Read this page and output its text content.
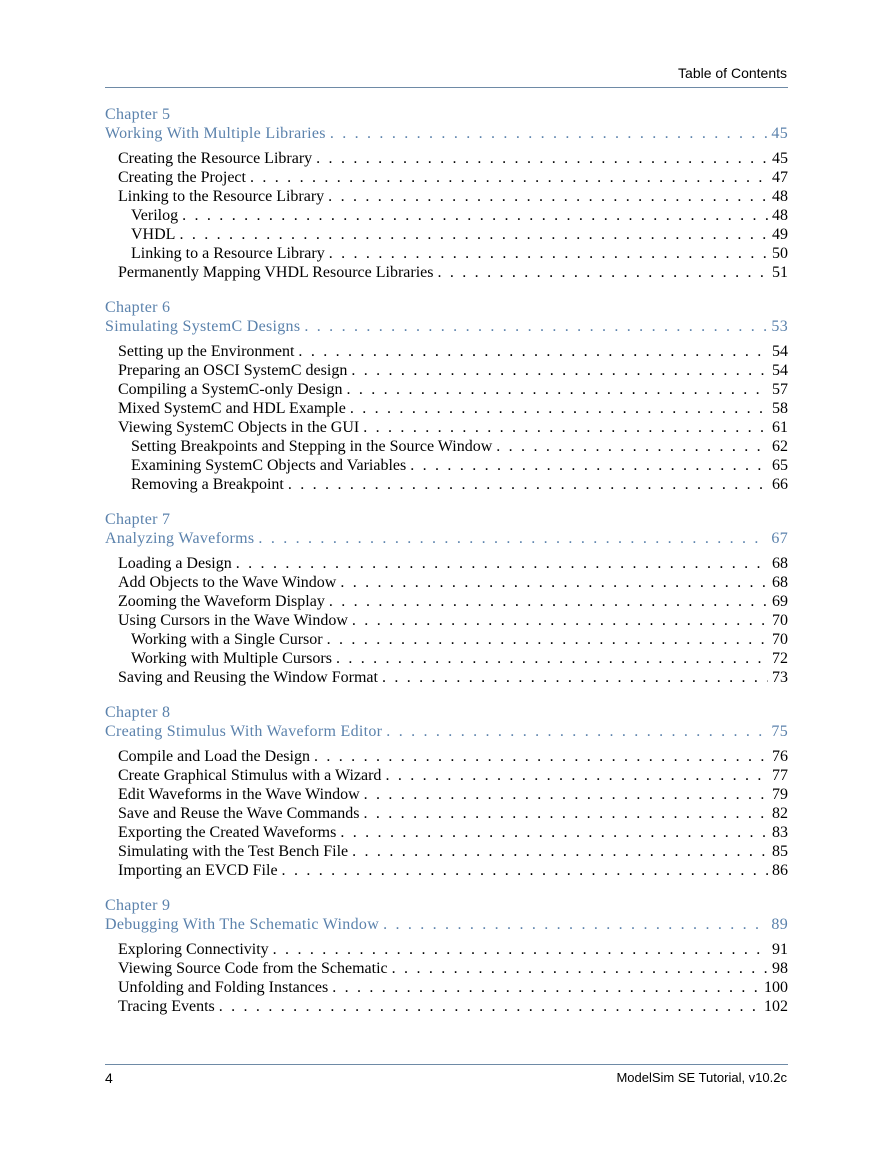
Table of Contents
Chapter 5
Working With Multiple Libraries . . .	45
Creating the Resource Library . . .	45
Creating the Project . . .	47
Linking to the Resource Library . . .	48
Verilog . . .	48
VHDL . . .	49
Linking to a Resource Library . . .	50
Permanently Mapping VHDL Resource Libraries . . .	51
Chapter 6
Simulating SystemC Designs . . .	53
Setting up the Environment . . .	54
Preparing an OSCI SystemC design . . .	54
Compiling a SystemC-only Design . . .	57
Mixed SystemC and HDL Example . . .	58
Viewing SystemC Objects in the GUI . . .	61
Setting Breakpoints and Stepping in the Source Window . . .	62
Examining SystemC Objects and Variables . . .	65
Removing a Breakpoint . . .	66
Chapter 7
Analyzing Waveforms . . .	67
Loading a Design . . .	68
Add Objects to the Wave Window . . .	68
Zooming the Waveform Display . . .	69
Using Cursors in the Wave Window . . .	70
Working with a Single Cursor . . .	70
Working with Multiple Cursors . . .	72
Saving and Reusing the Window Format . . .	73
Chapter 8
Creating Stimulus With Waveform Editor . . .	75
Compile and Load the Design . . .	76
Create Graphical Stimulus with a Wizard . . .	77
Edit Waveforms in the Wave Window . . .	79
Save and Reuse the Wave Commands . . .	82
Exporting the Created Waveforms . . .	83
Simulating with the Test Bench File . . .	85
Importing an EVCD File . . .	86
Chapter 9
Debugging With The Schematic Window . . .	89
Exploring Connectivity . . .	91
Viewing Source Code from the Schematic . . .	98
Unfolding and Folding Instances . . .	100
Tracing Events . . .	102
4	ModelSim SE Tutorial, v10.2c
